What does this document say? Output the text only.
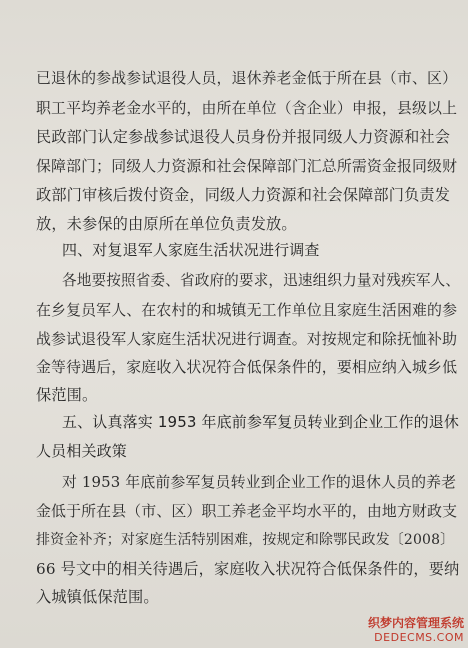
已退休的参战参试退役人员，退休养老金低于所在县（市、区）
职工平均养老金水平的，由所在单位（含企业）申报，县级以上
民政部门认定参战参试退役人员身份并报同级人力资源和社会
保障部门；同级人力资源和社会保障部门汇总所需资金报同级财
政部门审核后拨付资金，同级人力资源和社会保障部门负责发
放，未参保的由原所在单位负责发放。
四、对复退军人家庭生活状况进行调查
各地要按照省委、省政府的要求，迅速组织力量对残疾军人、
在乡复员军人、在农村的和城镇无工作单位且家庭生活困难的参
战参试退役军人家庭生活状况进行调查。对按规定和除抚恤补助
金等待遇后，家庭收入状况符合低保条件的，要相应纳入城乡低
保范围。
五、认真落实 1953 年底前参军复员转业到企业工作的退休
人员相关政策
对 1953 年底前参军复员转业到企业工作的退休人员的养老
金低于所在县（市、区）职工养老金平均水平的，由地方财政支
排资金补齐；对家庭生活特别困难，按规定和除鄂民政发〔2008〕
66 号文中的相关待遇后，家庭收入状况符合低保条件的，要纳
入城镇低保范围。
织梦内容管理系统
DEDECMS.COM
